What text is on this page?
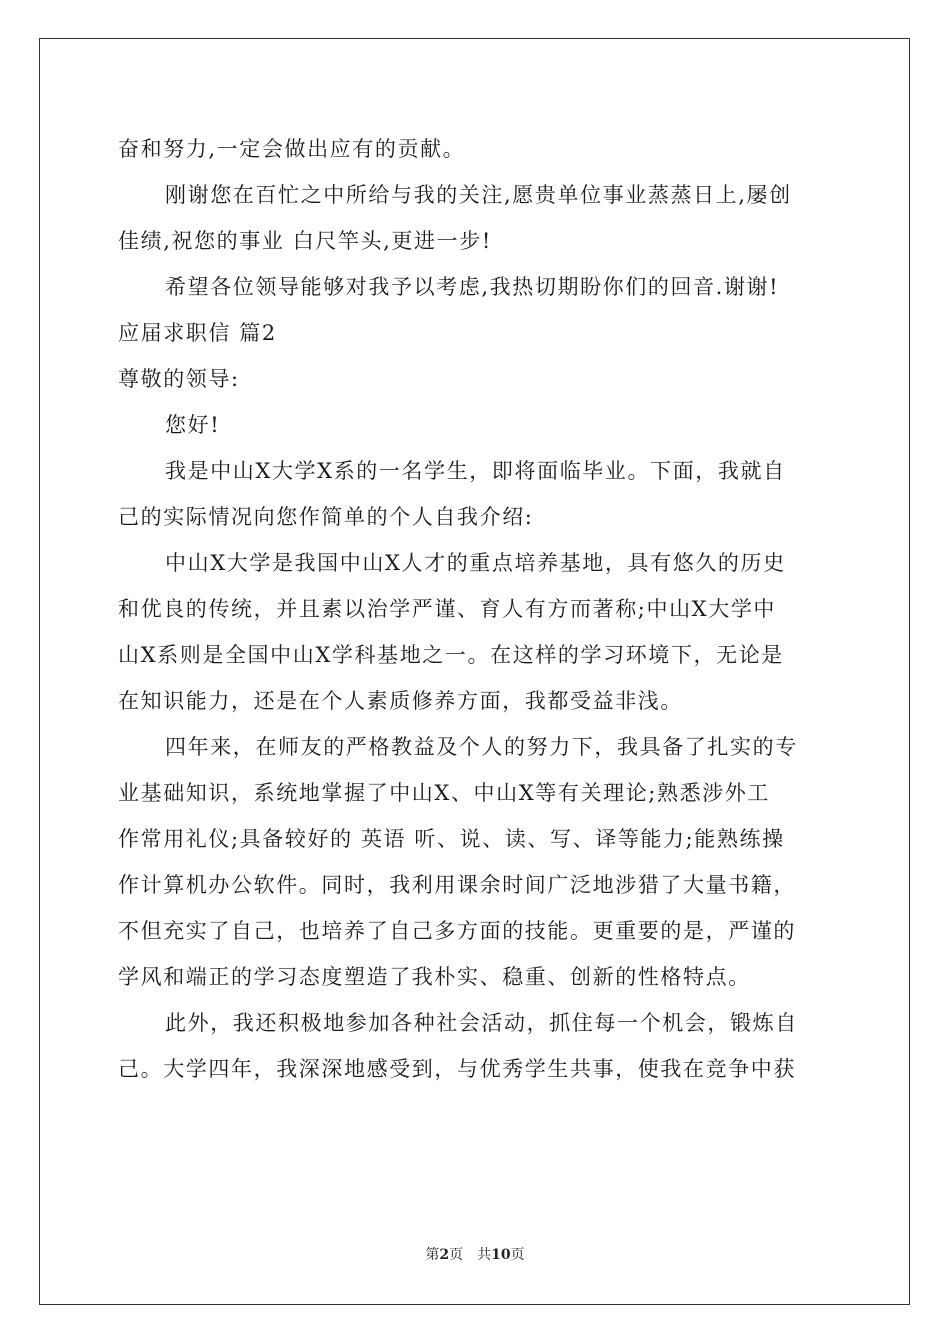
奋和努力,一定会做出应有的贡献。
刚谢您在百忙之中所给与我的关注,愿贵单位事业蒸蒸日上,屡创
佳绩,祝您的事业 白尺竿头,更进一步!
希望各位领导能够对我予以考虑,我热切期盼你们的回音.谢谢!
应届求职信 篇2
尊敬的领导:
您好!
我是中山X大学X系的一名学生，即将面临毕业。下面，我就自
己的实际情况向您作简单的个人自我介绍:
中山X大学是我国中山X人才的重点培养基地，具有悠久的历史
和优良的传统，并且素以治学严谨、育人有方而著称;中山X大学中
山X系则是全国中山X学科基地之一。在这样的学习环境下，无论是
在知识能力，还是在个人素质修养方面，我都受益非浅。
四年来，在师友的严格教益及个人的努力下，我具备了扎实的专
业基础知识，系统地掌握了中山X、中山X等有关理论;熟悉涉外工
作常用礼仪;具备较好的 英语 听、说、读、写、译等能力;能熟练操
作计算机办公软件。同时，我利用课余时间广泛地涉猎了大量书籍，
不但充实了自己，也培养了自己多方面的技能。更重要的是，严谨的
学风和端正的学习态度塑造了我朴实、稳重、创新的性格特点。
此外，我还积极地参加各种社会活动，抓住每一个机会，锻炼自
己。大学四年，我深深地感受到，与优秀学生共事，使我在竞争中获
第2页 共10页
